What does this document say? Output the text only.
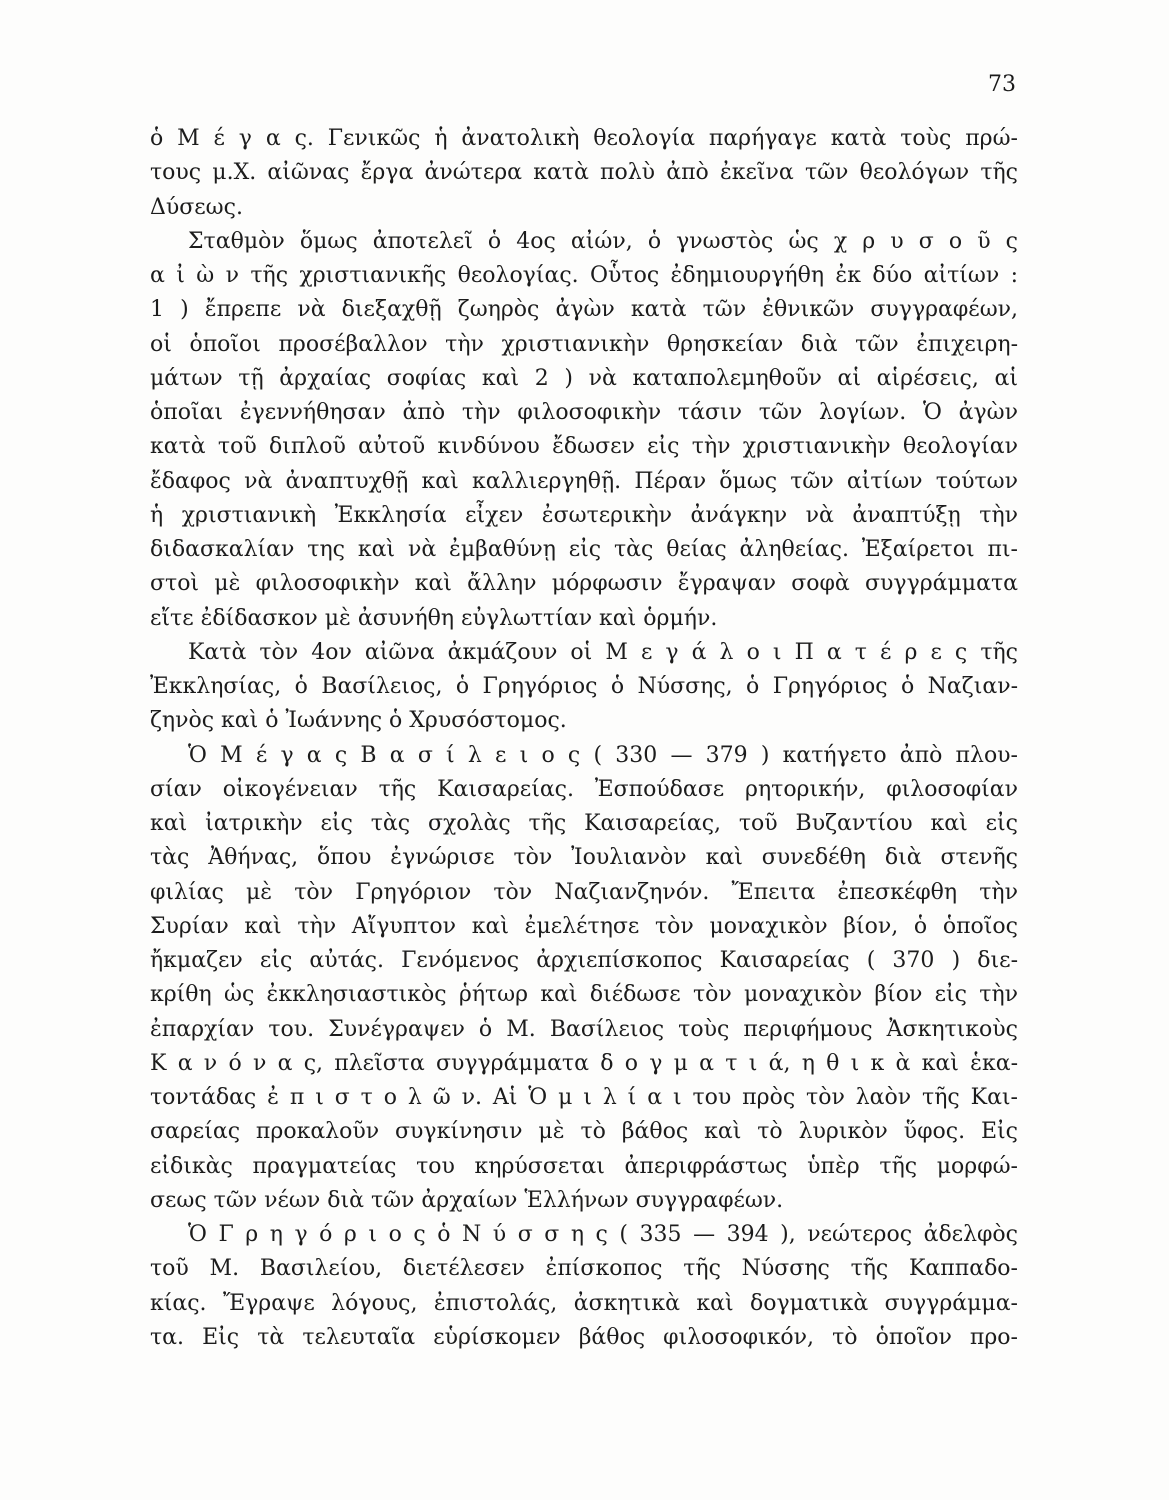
73
ὁ Μ έ γ α ς. Γενικῶς ἡ ἀνατολικὴ θεολογία παρήγαγε κατὰ τοὺς πρώ-
τους μ.Χ. αἰῶνας ἔργα ἀνώτερα κατὰ πολὺ ἀπὸ ἐκεῖνα τῶν θεολόγων τῆς
Δύσεως.
Σταθμὸν ὅμως ἀποτελεῖ ὁ 4ος αἰών, ὁ γνωστὸς ὡς χ ρ υ σ ο ῦ ς
α ἰ ὼ ν τῆς χριστιανικῆς θεολογίας. Οὗτος ἐδημιουργήθη ἐκ δύο αἰτίων :
1 ) ἔπρεπε νὰ διεξαχθῇ ζωηρὸς ἀγὼν κατὰ τῶν ἐθνικῶν συγγραφέων,
οἱ ὁποῖοι προσέβαλλον τὴν χριστιανικὴν θρησκείαν διὰ τῶν ἐπιχειρη-
μάτων τῇ ἀρχαίας σοφίας καὶ 2 ) νὰ καταπολεμηθοῦν αἱ αἱρέσεις, αἱ
ὁποῖαι ἐγεννήθησαν ἀπὸ τὴν φιλοσοφικὴν τάσιν τῶν λογίων. Ὁ ἀγὼν
κατὰ τοῦ διπλοῦ αὐτοῦ κινδύνου ἔδωσεν εἰς τὴν χριστιανικὴν θεολογίαν
ἔδαφος νὰ ἀναπτυχθῇ καὶ καλλιεργηθῇ. Πέραν ὅμως τῶν αἰτίων τούτων
ἡ χριστιανικὴ Ἐκκλησία εἶχεν ἐσωτερικὴν ἀνάγκην νὰ ἀναπτύξῃ τὴν
διδασκαλίαν της καὶ νὰ ἐμβαθύνῃ εἰς τὰς θείας ἀληθείας. Ἐξαίρετοι πι-
στοὶ μὲ φιλοσοφικὴν καὶ ἄλλην μόρφωσιν ἔγραψαν σοφὰ συγγράμματα
εἴτε ἐδίδασκον μὲ ἀσυνήθη εὐγλωττίαν καὶ ὁρμήν.
Κατὰ τὸν 4ον αἰῶνα ἀκμάζουν οἱ Μ ε γ ά λ ο ι Π α τ έ ρ ε ς τῆς
Ἐκκλησίας, ὁ Βασίλειος, ὁ Γρηγόριος ὁ Νύσσης, ὁ Γρηγόριος ὁ Ναζιαν-
ζηνὸς καὶ ὁ Ἰωάννης ὁ Χρυσόστομος.
Ὁ Μ έ γ α ς Β α σ ί λ ε ι ο ς ( 330 — 379 ) κατήγετο ἀπὸ πλου-
σίαν οἰκογένειαν τῆς Καισαρείας. Ἐσπούδασε ρητορικήν, φιλοσοφίαν
καὶ ἰατρικὴν εἰς τὰς σχολὰς τῆς Καισαρείας, τοῦ Βυζαντίου καὶ εἰς
τὰς Ἀθήνας, ὅπου ἐγνώρισε τὸν Ἰουλιανὸν καὶ συνεδέθη διὰ στενῆς
φιλίας μὲ τὸν Γρηγόριον τὸν Ναζιανζηνόν. Ἔπειτα ἐπεσκέφθη τὴν
Συρίαν καὶ τὴν Αἴγυπτον καὶ ἐμελέτησε τὸν μοναχικὸν βίον, ὁ ὁποῖος
ἤκμαζεν εἰς αὐτάς. Γενόμενος ἀρχιεπίσκοπος Καισαρείας ( 370 ) διε-
κρίθη ὡς ἐκκλησιαστικὸς ῥήτωρ καὶ διέδωσε τὸν μοναχικὸν βίον εἰς τὴν
ἐπαρχίαν του. Συνέγραψεν ὁ Μ. Βασίλειος τοὺς περιφήμους Ἀσκητικοὺς
Κ α ν ό ν α ς, πλεῖστα συγγράμματα δ ο γ μ α τ ι ά, η θ ι κ ὰ καὶ ἑκα-
τοντάδας ἐ π ι σ τ ο λ ῶ ν. Αἱ Ὁ μ ι λ ί α ι του πρὸς τὸν λαὸν τῆς Και-
σαρείας προκαλοῦν συγκίνησιν μὲ τὸ βάθος καὶ τὸ λυρικὸν ὕφος. Εἰς
εἰδικὰς πραγματείας του κηρύσσεται ἀπεριφράστως ὑπὲρ τῆς μορφώ-
σεως τῶν νέων διὰ τῶν ἀρχαίων Ἑλλήνων συγγραφέων.
Ὁ Γ ρ η γ ό ρ ι ο ς ὁ Ν ύ σ σ η ς ( 335 — 394 ), νεώτερος ἀδελφὸς
τοῦ Μ. Βασιλείου, διετέλεσεν ἐπίσκοπος τῆς Νύσσης τῆς Καππαδο-
κίας. Ἔγραψε λόγους, ἐπιστολάς, ἀσκητικὰ καὶ δογματικὰ συγγράμμα-
τα. Εἰς τὰ τελευταῖα εὑρίσκομεν βάθος φιλοσοφικόν, τὸ ὁποῖον προ-
